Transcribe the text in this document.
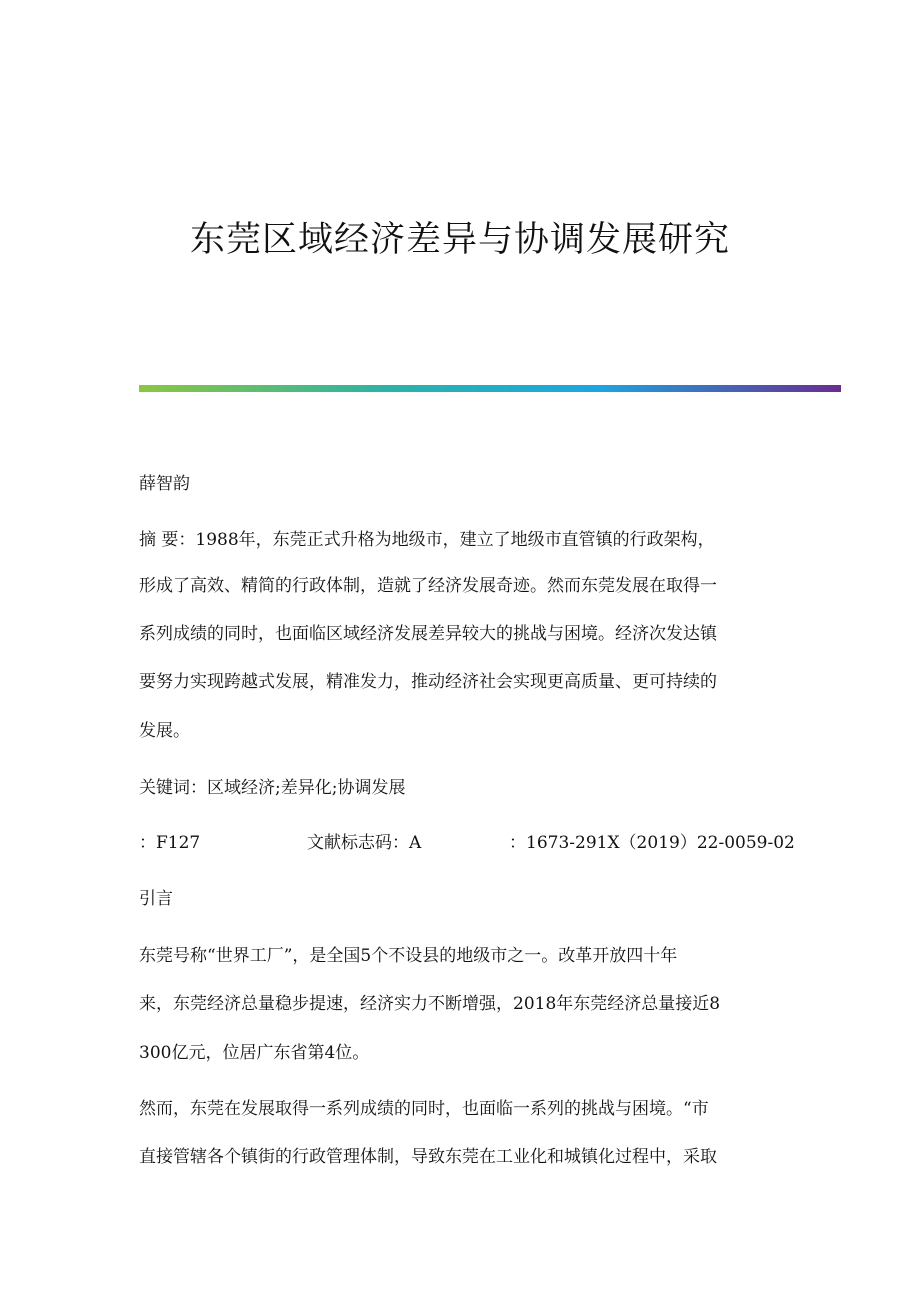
东莞区域经济差异与协调发展研究
薛智韵
摘 要：1988年，东莞正式升格为地级市，建立了地级市直管镇的行政架构，
形成了高效、精简的行政体制，造就了经济发展奇迹。然而东莞发展在取得一
系列成绩的同时，也面临区域经济发展差异较大的挑战与困境。经济次发达镇
要努力实现跨越式发展，精准发力，推动经济社会实现更高质量、更可持续的
发展。
关键词：区域经济;差异化;协调发展
：F127	文献标志码：A	：1673-291X（2019）22-0059-02
引言
东莞号称“世界工厂”，是全国5个不设县的地级市之一。改革开放四十年
来，东莞经济总量稳步提速，经济实力不断增强，2018年东莞经济总量接近8
300亿元，位居广东省第4位。
然而，东莞在发展取得一系列成绩的同时，也面临一系列的挑战与困境。“市
直接管辖各个镇街的行政管理体制，导致东莞在工业化和城镇化过程中，采取
